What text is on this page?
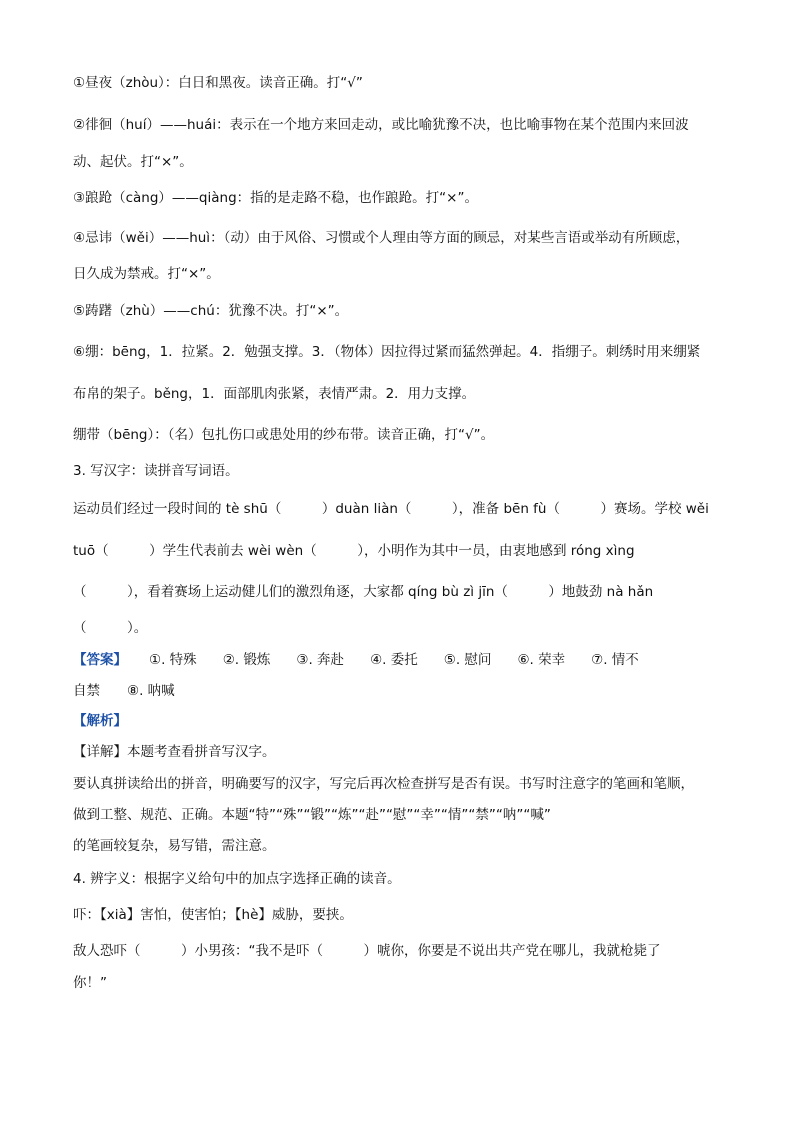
①昼夜（zhòu）：白日和黑夜。读音正确。打“√”
②徘徊（huí）——huái：表示在一个地方来回走动，或比喻犹豫不决，也比喻事物在某个范围内来回波
动、起伏。打“×”。
③踉跄（càng）——qiàng：指的是走路不稳，也作踉跄。打“×”。
④忌讳（wěi）——huì：（动）由于风俗、习惯或个人理由等方面的顾忌，对某些言语或举动有所顾虑，
日久成为禁戒。打“×”。
⑤踌躇（zhù）——chú：犹豫不决。打“×”。
⑥绷：bēng，1．拉紧。2．勉强支撑。3．（物体）因拉得过紧而猛然弹起。4．指绷子。刺绣时用来绷紧
布帛的架子。běng，1．面部肌肉张紧，表情严肃。2．用力支撑。
绷带（bēng）：（名）包扎伤口或患处用的纱布带。读音正确，打“√”。
3. 写汉字：读拼音写词语。
运动员们经过一段时间的 tè shū（　　　）duàn liàn（　　　），准备 bēn fù（　　　）赛场。学校 wěi
tuō（　　　）学生代表前去 wèi wèn（　　　），小明作为其中一员，由衷地感到 róng xìng
（　　　），看着赛场上运动健儿们的激烈角逐，大家都 qíng bù zì jīn（　　　）地鼓劲 nà hǎn
（　　　）。
【答案】 ①. 特殊 ②. 锻炼 ③. 奔赴 ④. 委托 ⑤. 慰问 ⑥. 荣幸 ⑦. 情不
自禁　　⑧. 呐喊
【解析】
【详解】本题考查看拼音写汉字。
要认真拼读给出的拼音，明确要写的汉字，写完后再次检查拼写是否有误。书写时注意字的笔画和笔顺，
做到工整、规范、正确。本题“特”“殊”“锻”“炼”“赴”“慰”“幸”“情”“禁”“呐”“喊”
的笔画较复杂，易写错，需注意。
4. 辨字义：根据字义给句中的加点字选择正确的读音。
吓：【xià】害怕，使害怕；【hè】威胁，要挟。
敌人恐吓（　　　）小男孩：“我不是吓（　　　）唬你，你要是不说出共产党在哪儿，我就枪毙了
你！”
